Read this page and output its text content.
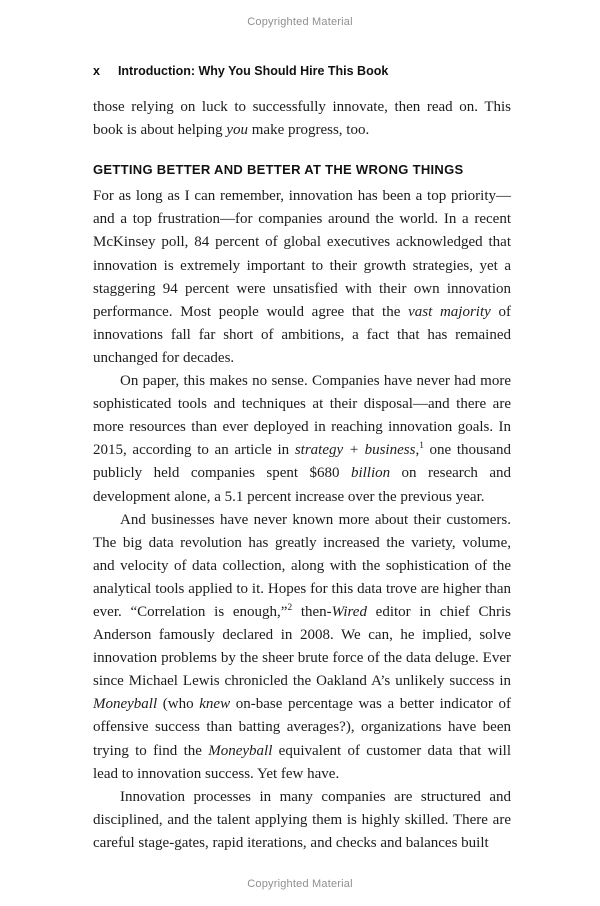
Copyrighted Material
x Introduction: Why You Should Hire This Book

those relying on luck to successfully innovate, then read on. This book is about helping you make progress, too.

GETTING BETTER AND BETTER AT THE WRONG THINGS

For as long as I can remember, innovation has been a top priority—and a top frustration—for companies around the world. In a recent McKinsey poll, 84 percent of global executives acknowledged that innovation is extremely important to their growth strategies, yet a staggering 94 percent were unsatisfied with their own innovation performance. Most people would agree that the vast majority of innovations fall far short of ambitions, a fact that has remained unchanged for decades.

On paper, this makes no sense. Companies have never had more sophisticated tools and techniques at their disposal—and there are more resources than ever deployed in reaching innovation goals. In 2015, according to an article in strategy + business,$^1$ one thousand publicly held companies spent $680 billion on research and development alone, a 5.1 percent increase over the previous year.

And businesses have never known more about their customers. The big data revolution has greatly increased the variety, volume, and velocity of data collection, along with the sophistication of the analytical tools applied to it. Hopes for this data trove are higher than ever. “Correlation is enough,”$^2$ then-Wired editor in chief Chris Anderson famously declared in 2008. We can, he implied, solve innovation problems by the sheer brute force of the data deluge. Ever since Michael Lewis chronicled the Oakland A’s unlikely success in Moneyball (who knew on-base percentage was a better indicator of offensive success than batting averages?), organizations have been trying to find the Moneyball equivalent of customer data that will lead to innovation success. Yet few have.

Innovation processes in many companies are structured and disciplined, and the talent applying them is highly skilled. There are careful stage-gates, rapid iterations, and checks and balances built

Copyrighted Material
